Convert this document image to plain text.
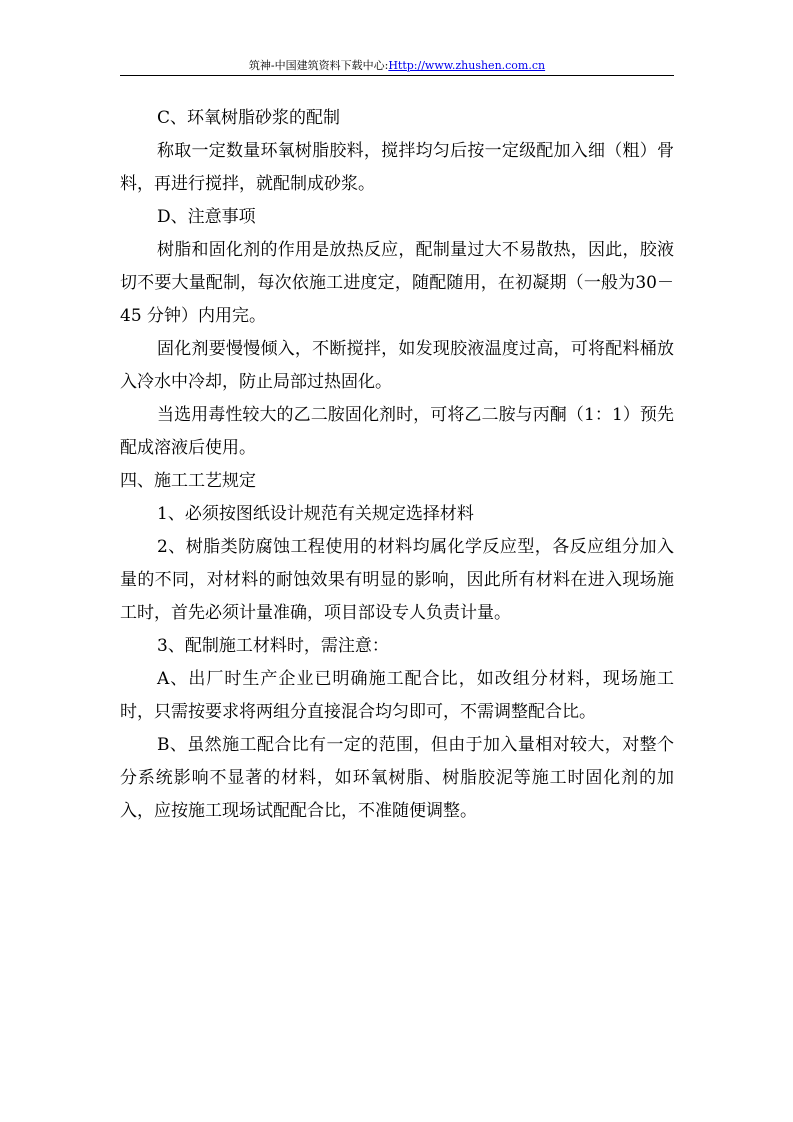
筑神-中国建筑资料下载中心:Http://www.zhushen.com.cn

C、环氧树脂砂浆的配制

称取一定数量环氧树脂胶料，搅拌均匀后按一定级配加入细（粗）骨料，再进行搅拌，就配制成砂浆。

D、注意事项

树脂和固化剂的作用是放热反应，配制量过大不易散热，因此，胶液切不要大量配制，每次依施工进度定，随配随用，在初凝期（一般为30－45 分钟）内用完。

固化剂要慢慢倾入，不断搅拌，如发现胶液温度过高，可将配料桶放入冷水中冷却，防止局部过热固化。

当选用毒性较大的乙二胺固化剂时，可将乙二胺与丙酮（1：1）预先配成溶液后使用。

四、施工工艺规定

1、必须按图纸设计规范有关规定选择材料

2、树脂类防腐蚀工程使用的材料均属化学反应型，各反应组分加入量的不同，对材料的耐蚀效果有明显的影响，因此所有材料在进入现场施工时，首先必须计量准确，项目部设专人负责计量。

3、配制施工材料时，需注意：

A、出厂时生产企业已明确施工配合比，如改组分材料，现场施工时，只需按要求将两组分直接混合均匀即可，不需调整配合比。

B、虽然施工配合比有一定的范围，但由于加入量相对较大，对整个分系统影响不显著的材料，如环氧树脂、树脂胶泥等施工时固化剂的加入，应按施工现场试配配合比，不准随便调整。
